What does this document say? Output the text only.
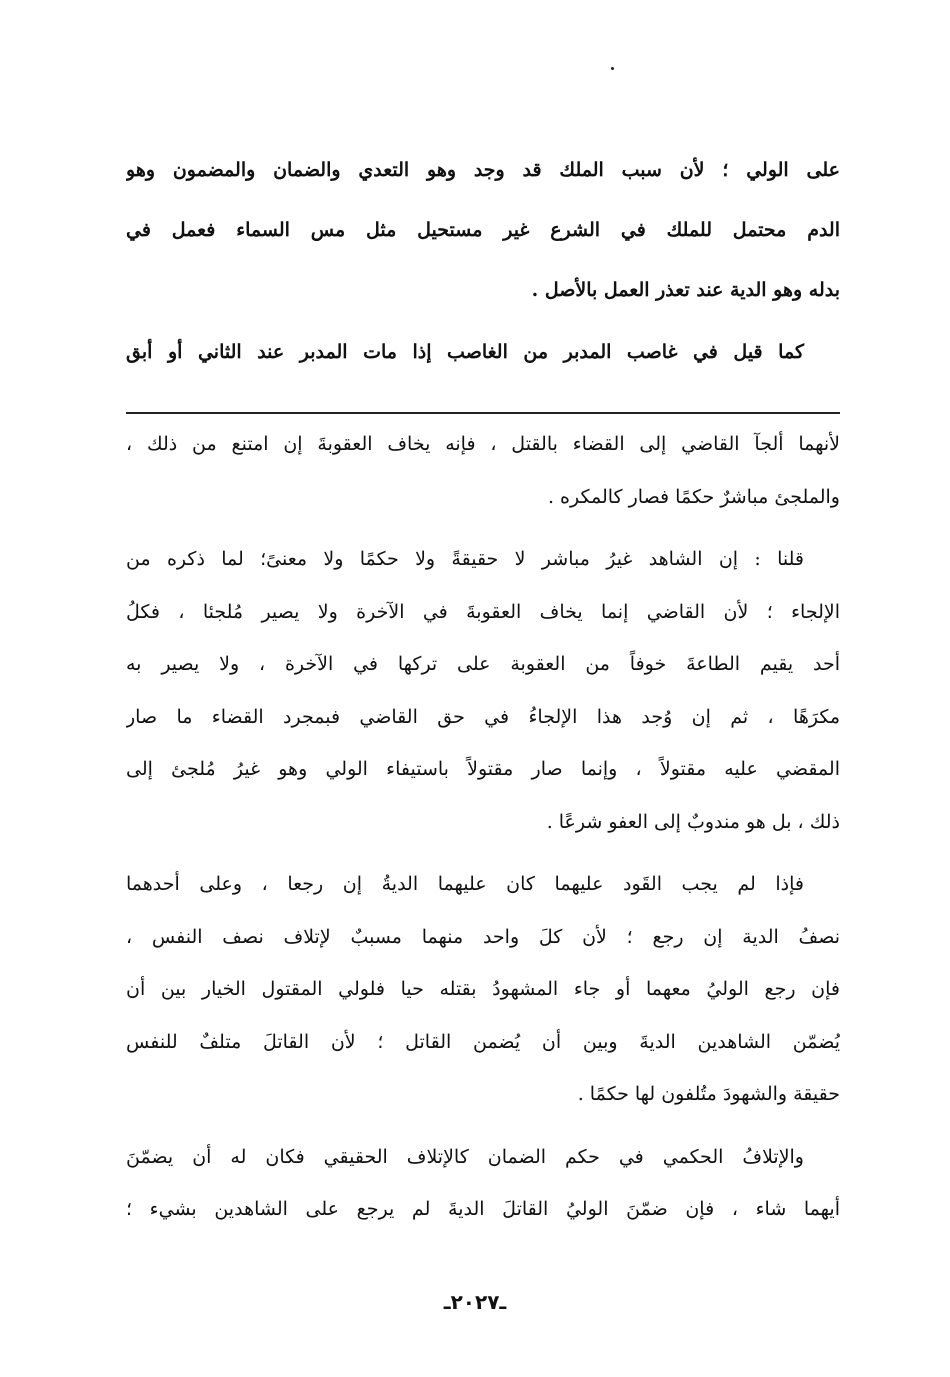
على الولي ؛ لأن سبب الملك قد وجد وهو التعدي والضمان والمضمون وهو
الدم محتمل للملك في الشرع غير مستحيل مثل مس السماء فعمل في
بدله وهو الدية عند تعذر العمل بالأصل .
كما قيل في غاصب المدبر من الغاصب إذا مات المدبر عند الثاني أو أبق
لأنهما ألجآ القاضي إلى القضاء بالقتل ، فإنه يخاف العقوبةَ إن امتنع من ذلك ،
والملجئ مباشرٌ حكمًا فصار كالمكره .
قلنا : إن الشاهد غيرُ مباشر لا حقيقةً ولا حكمًا ولا معنىً؛ لما ذكره من
الإلجاء ؛ لأن القاضي إنما يخاف العقوبةَ في الآخرة ولا يصير مُلجئا ، فكلُ
أحد يقيم الطاعةَ خوفاً من العقوبة على تركها في الآخرة ، ولا يصير به
مكرَهًا ، ثم إن وُجد هذا الإلجاءُ في حق القاضي فبمجرد القضاء ما صار
المقضي عليه مقتولاً ، وإنما صار مقتولاً باستيفاء الولي وهو غيرُ مُلجئ إلى
ذلك ، بل هو مندوبٌ إلى العفو شرعًا .
فإذا لم يجب القَود عليهما كان عليهما الديةُ إن رجعا ، وعلى أحدهما
نصفُ الدية إن رجع ؛ لأن كلَ واحد منهما مسببٌ لإتلاف نصف النفس ،
فإن رجع الوليُ معهما أو جاء المشهودُ بقتله حيا فلولي المقتول الخيار بين أن
يُضمّن الشاهدين الديةَ وبين أن يُضمن القاتل ؛ لأن القاتلَ متلفٌ للنفس
حقيقة والشهودَ متُلفون لها حكمًا .
والإتلافُ الحكمي في حكم الضمان كالإتلاف الحقيقي فكان له أن يضمّنَ
أيهما شاء ، فإن ضمّنَ الوليُ القاتلَ الديةَ لم يرجع على الشاهدين بشيء ؛
ـ٢٠٢٧ـ
